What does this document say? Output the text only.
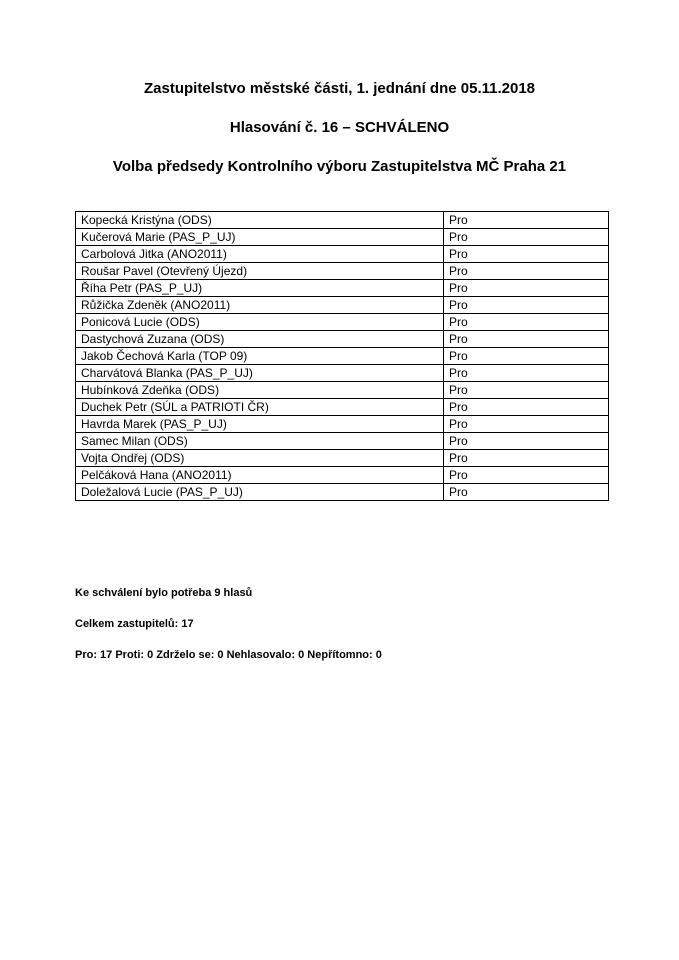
Zastupitelstvo městské části, 1. jednání dne 05.11.2018
Hlasování č. 16 – SCHVÁLENO
Volba předsedy Kontrolního výboru Zastupitelstva MČ Praha 21
Kopecká Kristýna (ODS)	Pro
Kučerová Marie (PAS_P_UJ)	Pro
Carbolová Jitka (ANO2011)	Pro
Roušar Pavel (Otevřený Újezd)	Pro
Říha Petr (PAS_P_UJ)	Pro
Růžička Zdeněk (ANO2011)	Pro
Ponicová Lucie (ODS)	Pro
Dastychová Zuzana (ODS)	Pro
Jakob Čechová Karla (TOP 09)	Pro
Charvátová Blanka (PAS_P_UJ)	Pro
Hubínková Zdeňka (ODS)	Pro
Duchek Petr (SÚL a PATRIOTI ČR)	Pro
Havrda Marek (PAS_P_UJ)	Pro
Samec Milan (ODS)	Pro
Vojta Ondřej (ODS)	Pro
Pelčáková Hana (ANO2011)	Pro
Doležalová Lucie (PAS_P_UJ)	Pro
Ke schválení bylo potřeba 9 hlasů
Celkem zastupitelů: 17
Pro: 17 Proti: 0 Zdrželo se: 0 Nehlasovalo: 0 Nepřítomno: 0
